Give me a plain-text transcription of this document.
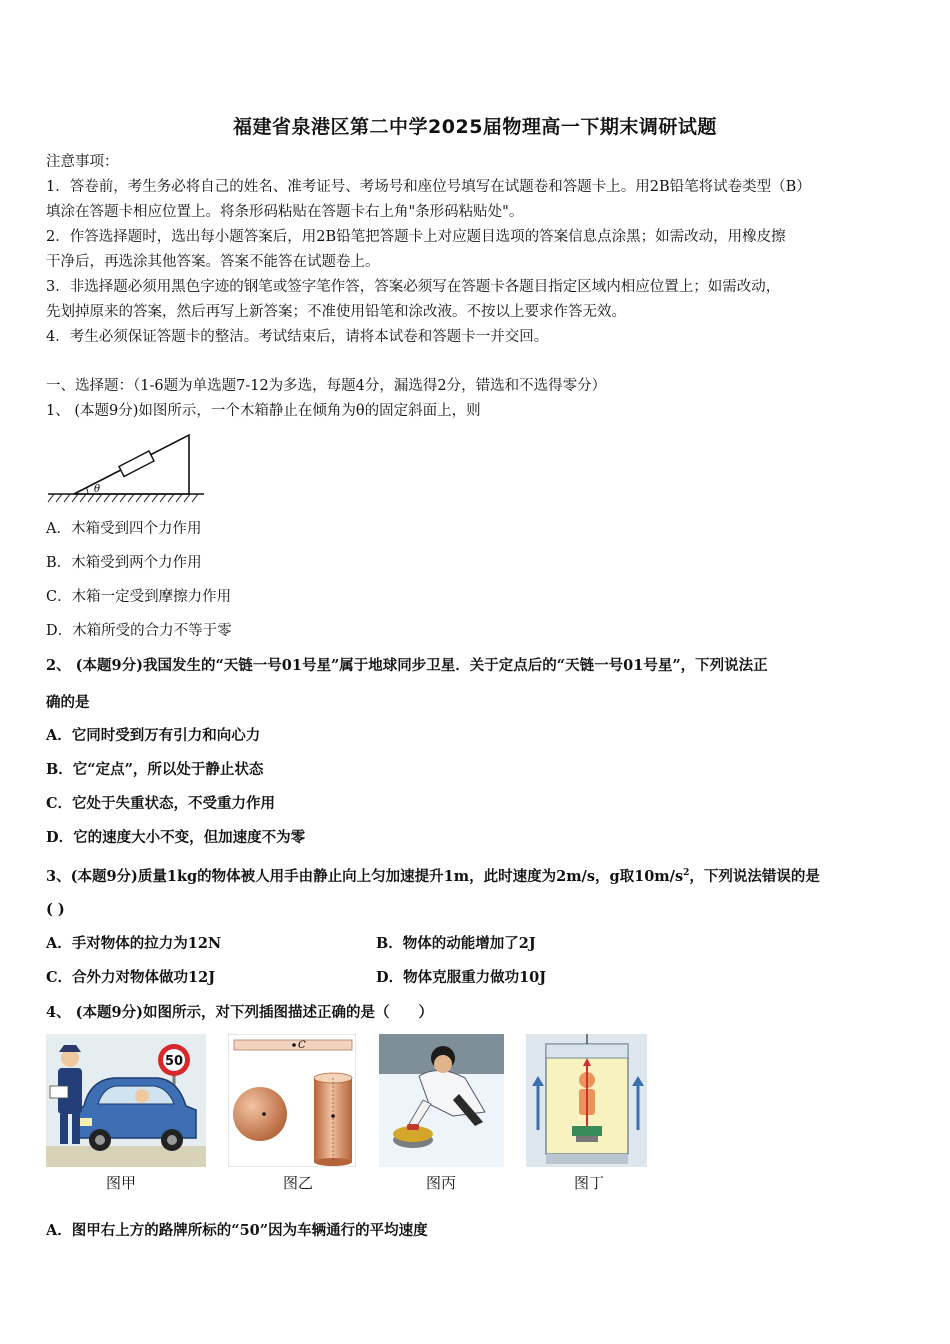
福建省泉港区第二中学2025届物理高一下期末调研试题
注意事项：
1．答卷前，考生务必将自己的姓名、准考证号、考场号和座位号填写在试题卷和答题卡上。用2B铅笔将试卷类型（B）
填涂在答题卡相应位置上。将条形码粘贴在答题卡右上角"条形码粘贴处"。
2．作答选择题时，选出每小题答案后，用2B铅笔把答题卡上对应题目选项的答案信息点涂黑；如需改动，用橡皮擦
干净后，再选涂其他答案。答案不能答在试题卷上。
3．非选择题必须用黑色字迹的钢笔或签字笔作答，答案必须写在答题卡各题目指定区域内相应位置上；如需改动，
先划掉原来的答案，然后再写上新答案；不准使用铅笔和涂改液。不按以上要求作答无效。
4．考生必须保证答题卡的整洁。考试结束后，请将本试卷和答题卡一并交回。
一、选择题：（1-6题为单选题7-12为多选，每题4分，漏选得2分，错选和不选得零分）
1、 (本题9分)如图所示，一个木箱静止在倾角为θ的固定斜面上，则
θ
A．木箱受到四个力作用
B．木箱受到两个力作用
C．木箱一定受到摩擦力作用
D．木箱所受的合力不等于零
2、 (本题9分)我国发生的“天链一号01号星”属于地球同步卫星．关于定点后的“天链一号01号星”，下列说法正
确的是
A．它同时受到万有引力和向心力
B．它“定点”，所以处于静止状态
C．它处于失重状态，不受重力作用
D．它的速度大小不变，但加速度不为零
3、(本题9分)质量1kg的物体被人用手由静止向上匀加速提升1m，此时速度为2m/s，g取$10m/s^2$，下列说法错误的是
( )
A．手对物体的拉力为12N	B．物体的动能增加了2J
C．合外力对物体做功12J	D．物体克服重力做功10J
4、 (本题9分)如图所示，对下列插图描述正确的是（　　）
50
图甲
C
图乙	图丙	图丁
A．图甲右上方的路牌所标的“50”因为车辆通行的平均速度
